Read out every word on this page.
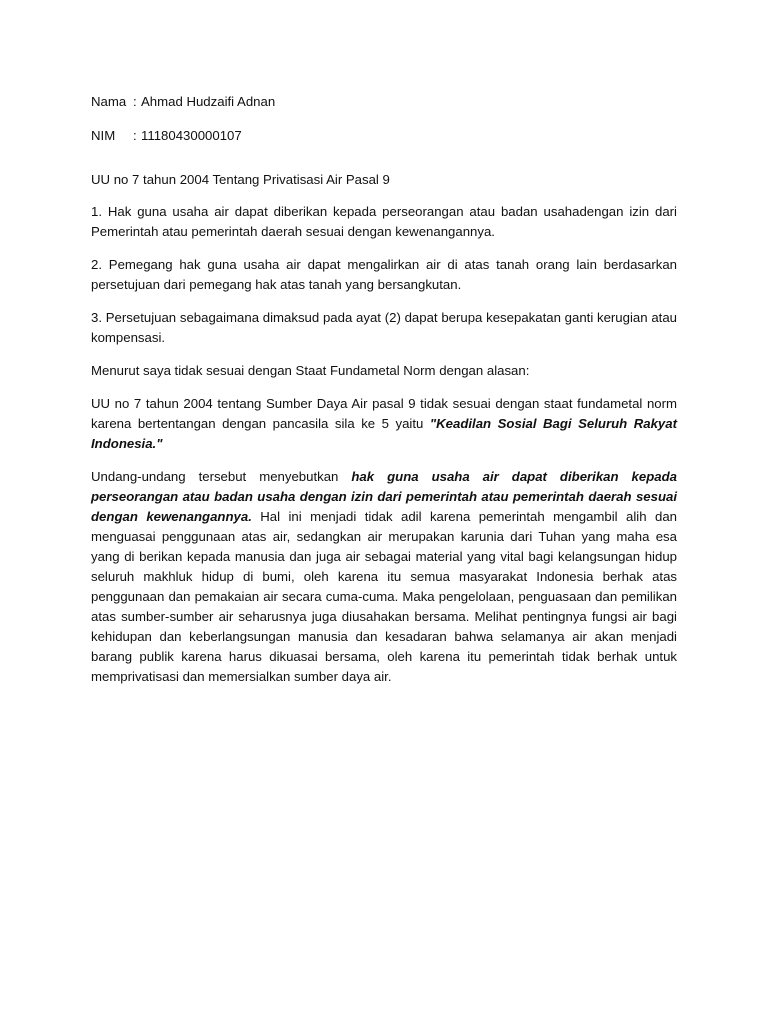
Nama : Ahmad Hudzaifi Adnan
NIM	: 11180430000107
UU no 7 tahun 2004 Tentang Privatisasi Air Pasal 9

1. Hak guna usaha air dapat diberikan kepada perseorangan atau badan usahadengan izin dari Pemerintah atau pemerintah daerah sesuai dengan kewenangannya.

2. Pemegang hak guna usaha air dapat mengalirkan air di atas tanah orang lain berdasarkan persetujuan dari pemegang hak atas tanah yang bersangkutan.

3. Persetujuan sebagaimana dimaksud pada ayat (2) dapat berupa kesepakatan ganti kerugian atau kompensasi.

Menurut saya tidak sesuai dengan Staat Fundametal Norm dengan alasan:

UU no 7 tahun 2004 tentang Sumber Daya Air pasal 9 tidak sesuai dengan staat fundametal norm karena bertentangan dengan pancasila sila ke 5 yaitu "Keadilan Sosial Bagi Seluruh Rakyat Indonesia."

Undang-undang tersebut menyebutkan hak guna usaha air dapat diberikan kepada perseorangan atau badan usaha dengan izin dari pemerintah atau pemerintah daerah sesuai dengan kewenangannya. Hal ini menjadi tidak adil karena pemerintah mengambil alih dan menguasai penggunaan atas air, sedangkan air merupakan karunia dari Tuhan yang maha esa yang di berikan kepada manusia dan juga air sebagai material yang vital bagi kelangsungan hidup seluruh makhluk hidup di bumi, oleh karena itu semua masyarakat Indonesia berhak atas penggunaan dan pemakaian air secara cuma-cuma. Maka pengelolaan, penguasaan dan pemilikan atas sumber-sumber air seharusnya juga diusahakan bersama. Melihat pentingnya fungsi air bagi kehidupan dan keberlangsungan manusia dan kesadaran bahwa selamanya air akan menjadi barang publik karena harus dikuasai bersama, oleh karena itu pemerintah tidak berhak untuk memprivatisasi dan memersialkan sumber daya air.
